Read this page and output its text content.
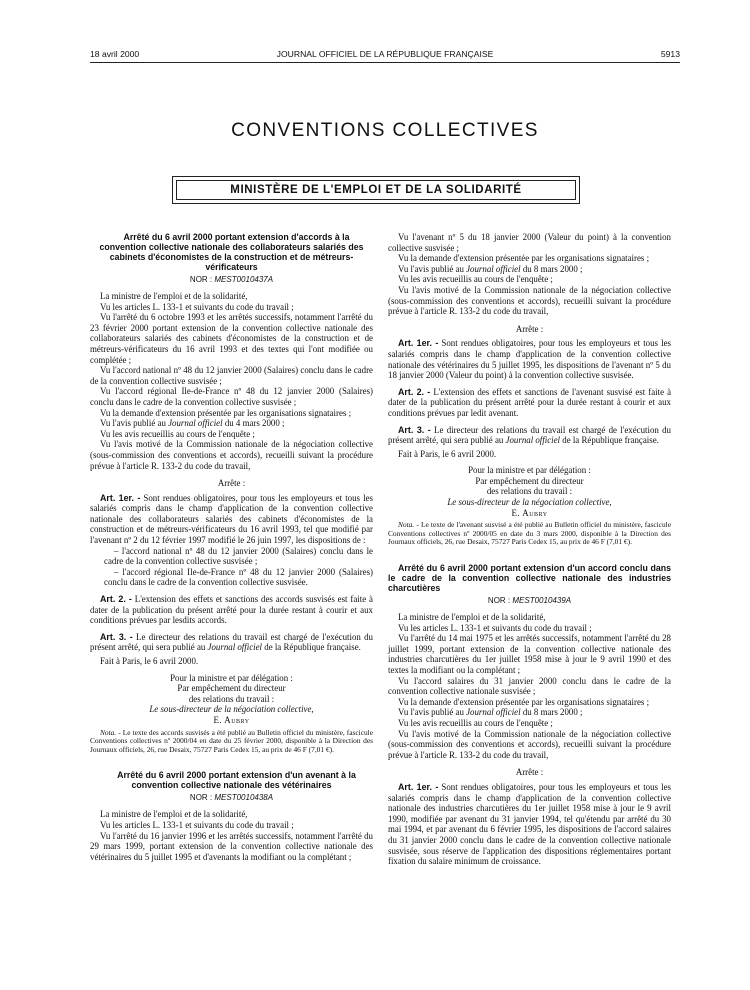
18 avril 2000	JOURNAL OFFICIEL DE LA RÉPUBLIQUE FRANÇAISE	5913
CONVENTIONS COLLECTIVES
MINISTÈRE DE L'EMPLOI ET DE LA SOLIDARITÉ

Arrêté du 6 avril 2000 portant extension d'accords à la convention collective nationale des collaborateurs salariés des cabinets d'économistes de la construction et de métreurs-vérificateurs

NOR : MEST0010437A

La ministre de l'emploi et de la solidarité,

Vu les articles L. 133-1 et suivants du code du travail ;

Vu l'arrêté du 6 octobre 1993 et les arrêtés successifs, notamment l'arrêté du 23 février 2000 portant extension de la convention collective nationale des collaborateurs salariés des cabinets d'économistes de la construction et de métreurs-vérificateurs du 16 avril 1993 et des textes qui l'ont modifiée ou complétée ;

Vu l'accord national nº 48 du 12 janvier 2000 (Salaires) conclu dans le cadre de la convention collective susvisée ;

Vu l'accord régional Ile-de-France nº 48 du 12 janvier 2000 (Salaires) conclu dans le cadre de la convention collective susvisée ;

Vu la demande d'extension présentée par les organisations signataires ;

Vu l'avis publié au Journal officiel du 4 mars 2000 ;

Vu les avis recueillis au cours de l'enquête ;

Vu l'avis motivé de la Commission nationale de la négociation collective (sous-commission des conventions et accords), recueilli suivant la procédure prévue à l'article R. 133-2 du code du travail,

Arrête :

Art. 1er. - Sont rendues obligatoires, pour tous les employeurs et tous les salariés compris dans le champ d'application de la convention collective nationale des collaborateurs salariés des cabinets d'économistes de la construction et de métreurs-vérificateurs du 16 avril 1993, tel que modifié par l'avenant nº 2 du 12 février 1997 modifié le 26 juin 1997, les dispositions de :

– l'accord national nº 48 du 12 janvier 2000 (Salaires) conclu dans le cadre de la convention collective susvisée ;

– l'accord régional Ile-de-France nº 48 du 12 janvier 2000 (Salaires) conclu dans le cadre de la convention collective susvisée.

Art. 2. - L'extension des effets et sanctions des accords susvisés est faite à dater de la publication du présent arrêté pour la durée restant à courir et aux conditions prévues par lesdits accords.

Art. 3. - Le directeur des relations du travail est chargé de l'exécution du présent arrêté, qui sera publié au Journal officiel de la République française.

Fait à Paris, le 6 avril 2000.

Pour la ministre et par délégation :
Par empêchement du directeur
des relations du travail :
Le sous-directeur de la négociation collective,
E. Aubry

Nota. - Le texte des accords susvisés a été publié au Bulletin officiel du ministère, fascicule Conventions collectives nº 2000/04 en date du 25 février 2000, disponible à la Direction des Journaux officiels, 26, rue Desaix, 75727 Paris Cedex 15, au prix de 46 F (7,01 €).

Arrêté du 6 avril 2000 portant extension d'un avenant à la convention collective nationale des vétérinaires

NOR : MEST0010438A

La ministre de l'emploi et de la solidarité,

Vu les articles L. 133-1 et suivants du code du travail ;

Vu l'arrêté du 16 janvier 1996 et les arrêtés successifs, notamment l'arrêté du 29 mars 1999, portant extension de la convention collective nationale des vétérinaires du 5 juillet 1995 et d'avenants la modifiant ou la complétant ;

Vu l'avenant nº 5 du 18 janvier 2000 (Valeur du point) à la convention collective susvisée ;

Vu la demande d'extension présentée par les organisations signataires ;

Vu l'avis publié au Journal officiel du 8 mars 2000 ;

Vu les avis recueillis au cours de l'enquête ;

Vu l'avis motivé de la Commission nationale de la négociation collective (sous-commission des conventions et accords), recueilli suivant la procédure prévue à l'article R. 133-2 du code du travail,

Arrête :

Art. 1er. - Sont rendues obligatoires, pour tous les employeurs et tous les salariés compris dans le champ d'application de la convention collective nationale des vétérinaires du 5 juillet 1995, les dispositions de l'avenant nº 5 du 18 janvier 2000 (Valeur du point) à la convention collective susvisée.

Art. 2. - L'extension des effets et sanctions de l'avenant susvisé est faite à dater de la publication du présent arrêté pour la durée restant à courir et aux conditions prévues par ledit avenant.

Art. 3. - Le directeur des relations du travail est chargé de l'exécution du présent arrêté, qui sera publié au Journal officiel de la République française.

Fait à Paris, le 6 avril 2000.

Pour la ministre et par délégation :
Par empêchement du directeur
des relations du travail :
Le sous-directeur de la négociation collective,
E. Aubry

Nota. - Le texte de l'avenant susvisé a été publié au Bulletin officiel du ministère, fascicule Conventions collectives nº 2000/05 en date du 3 mars 2000, disponible à la Direction des Journaux officiels, 26, rue Desaix, 75727 Paris Cedex 15, au prix de 46 F (7,01 €).

Arrêté du 6 avril 2000 portant extension d'un accord conclu dans le cadre de la convention collective nationale des industries charcutières

NOR : MEST0010439A

La ministre de l'emploi et de la solidarité,

Vu les articles L. 133-1 et suivants du code du travail ;

Vu l'arrêté du 14 mai 1975 et les arrêtés successifs, notamment l'arrêté du 28 juillet 1999, portant extension de la convention collective nationale des industries charcutières du 1er juillet 1958 mise à jour le 9 avril 1990 et des textes la modifiant ou la complétant ;

Vu l'accord salaires du 31 janvier 2000 conclu dans le cadre de la convention collective nationale susvisée ;

Vu la demande d'extension présentée par les organisations signataires ;

Vu l'avis publié au Journal officiel du 8 mars 2000 ;

Vu les avis recueillis au cours de l'enquête ;

Vu l'avis motivé de la Commission nationale de la négociation collective (sous-commission des conventions et accords), recueilli suivant la procédure prévue à l'article R. 133-2 du code du travail,

Arrête :

Art. 1er. - Sont rendues obligatoires, pour tous les employeurs et tous les salariés compris dans le champ d'application de la convention collective nationale des industries charcutières du 1er juillet 1958 mise à jour le 9 avril 1990, modifiée par avenant du 31 janvier 1994, tel qu'étendu par arrêté du 30 mai 1994, et par avenant du 6 février 1995, les dispositions de l'accord salaires du 31 janvier 2000 conclu dans le cadre de la convention collective nationale susvisée, sous réserve de l'application des dispositions réglementaires portant fixation du salaire minimum de croissance.
